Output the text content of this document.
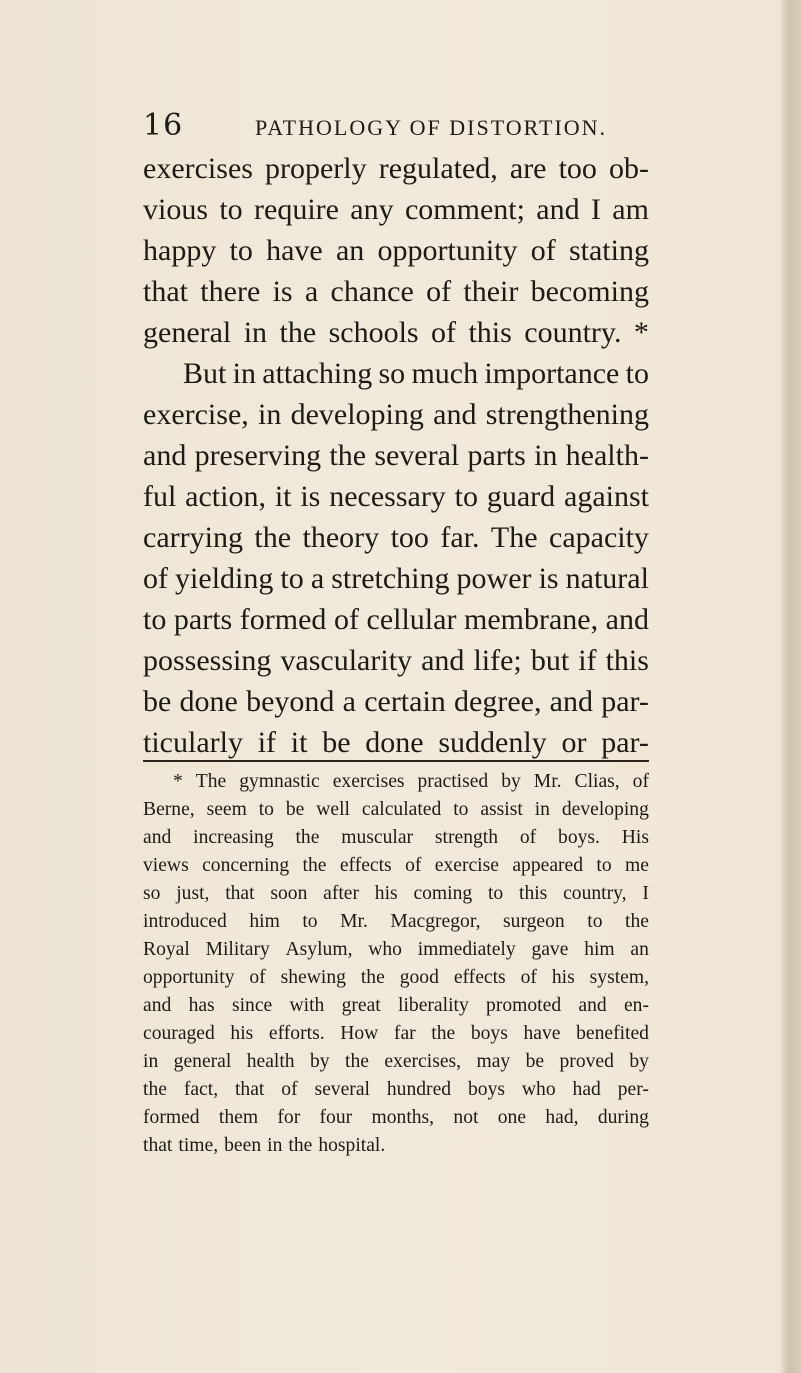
16	PATHOLOGY OF DISTORTION.
exercises properly regulated, are too ob-
vious to require any comment; and I am
happy to have an opportunity of stating
that there is a chance of their becoming
general in the schools of this country. *
But in attaching so much importance to
exercise, in developing and strengthening
and preserving the several parts in health-
ful action, it is necessary to guard against
carrying the theory too far. The capacity
of yielding to a stretching power is natural
to parts formed of cellular membrane, and
possessing vascularity and life; but if this
be done beyond a certain degree, and par-
ticularly if it be done suddenly or par-
* The gymnastic exercises practised by Mr. Clias, of
Berne, seem to be well calculated to assist in developing
and increasing the muscular strength of boys. His
views concerning the effects of exercise appeared to me
so just, that soon after his coming to this country, I
introduced him to Mr. Macgregor, surgeon to the
Royal Military Asylum, who immediately gave him an
opportunity of shewing the good effects of his system,
and has since with great liberality promoted and en-
couraged his efforts. How far the boys have benefited
in general health by the exercises, may be proved by
the fact, that of several hundred boys who had per-
formed them for four months, not one had, during
that time, been in the hospital.
